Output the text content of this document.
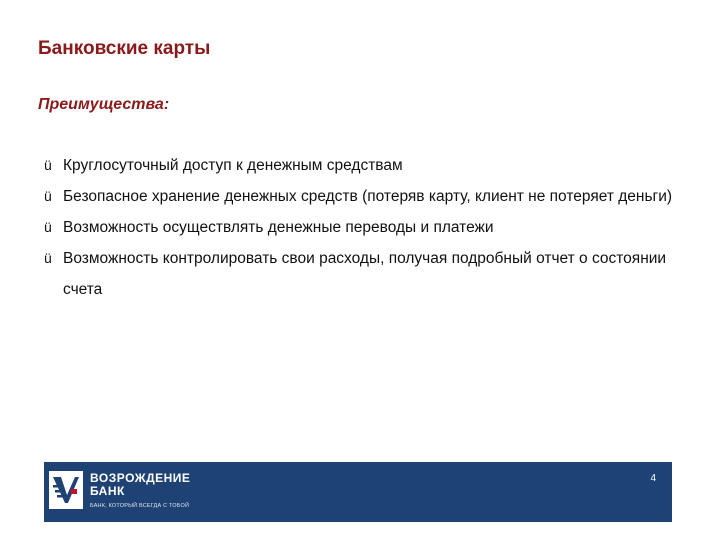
Банковские карты
Преимущества:
ü Круглосуточный доступ к денежным средствам
ü Безопасное хранение денежных средств (потеряв карту, клиент не потеряет деньги)
ü Возможность осуществлять денежные переводы и платежи
ü Возможность контролировать свои расходы, получая подробный отчет о состоянии счета
ВОЗРОЖДЕНИЕ
БАНК
БАНК, КОТОРЫЙ ВСЕГДА С ТОБОЙ
4
